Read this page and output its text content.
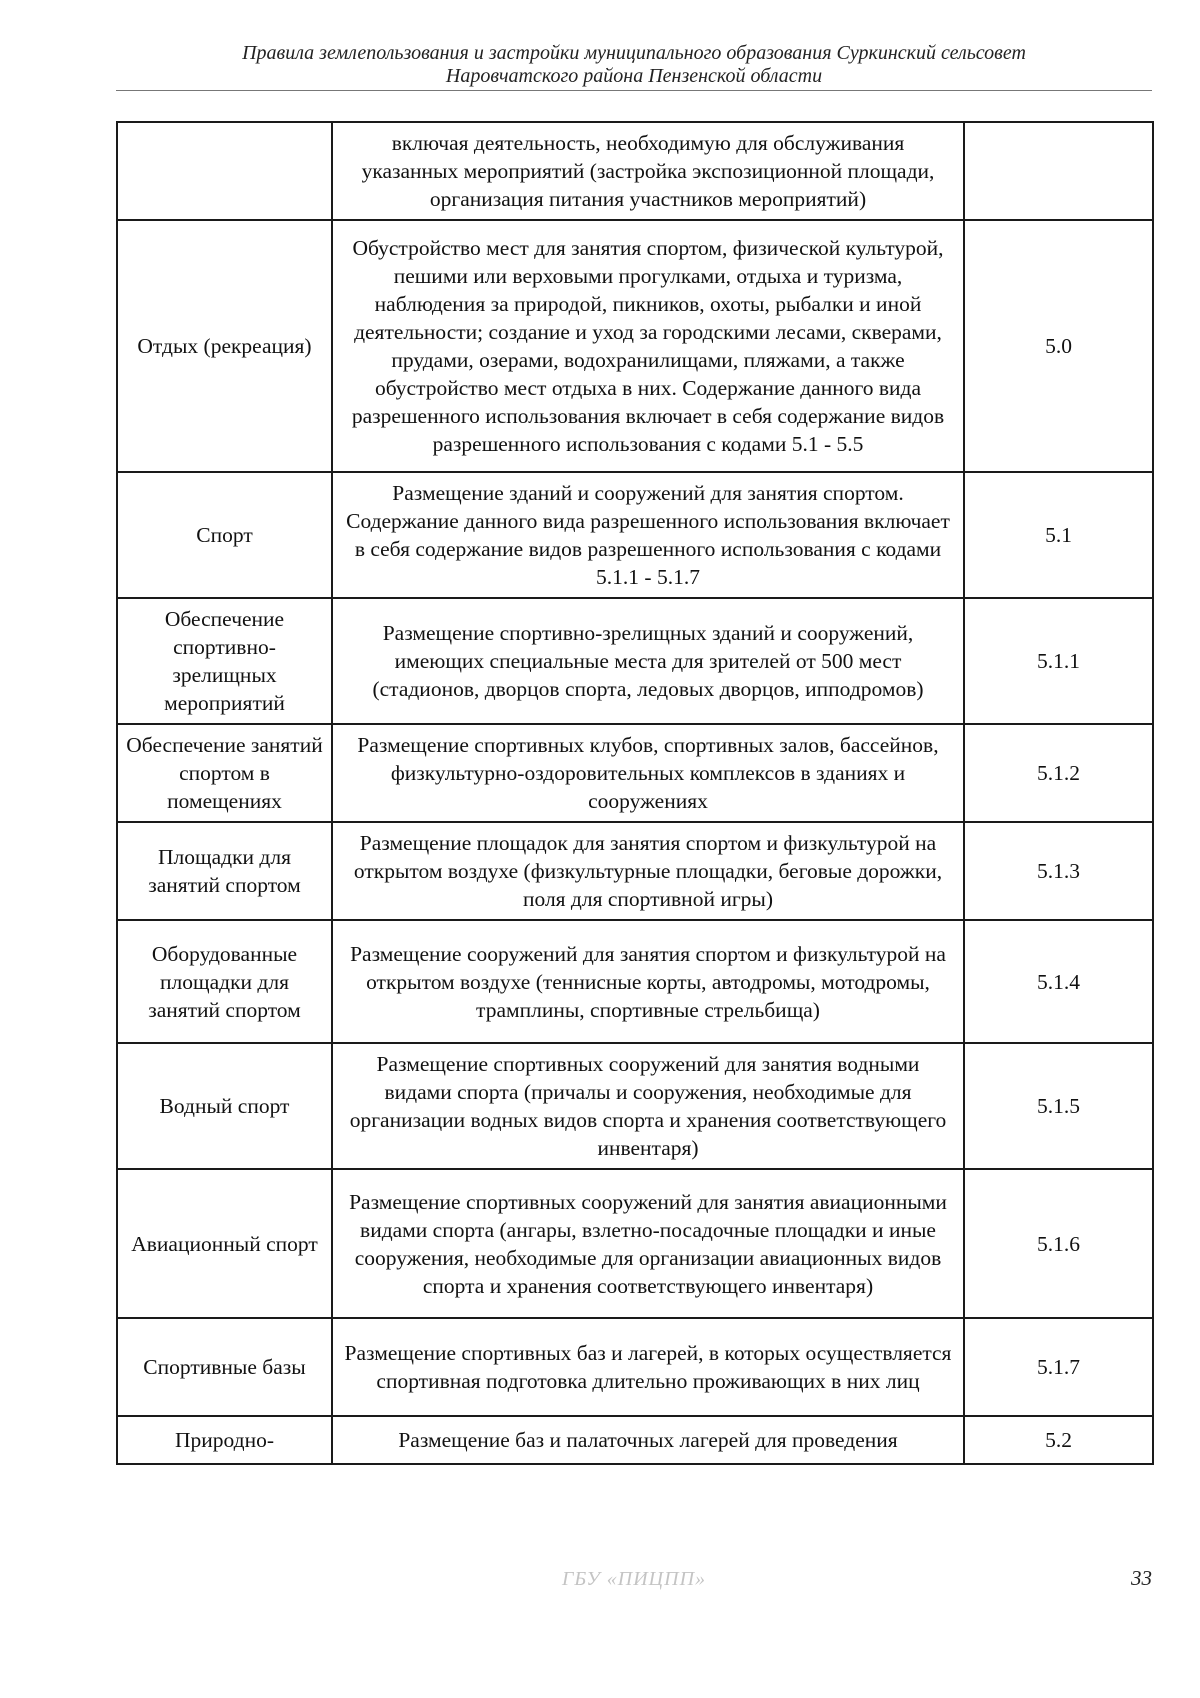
Правила землепользования и застройки муниципального образования Суркинский сельсовет
Наровчатского района Пензенской области
	включая деятельность, необходимую для обслуживания указанных мероприятий (застройка экспозиционной площади, организация питания участников мероприятий)	
Отдых (рекреация)	Обустройство мест для занятия спортом, физической культурой, пешими или верховыми прогулками, отдыха и туризма, наблюдения за природой, пикников, охоты, рыбалки и иной деятельности; создание и уход за городскими лесами, скверами, прудами, озерами, водохранилищами, пляжами, а также обустройство мест отдыха в них. Содержание данного вида разрешенного использования включает в себя содержание видов разрешенного использования с кодами 5.1 - 5.5	5.0
Спорт	Размещение зданий и сооружений для занятия спортом. Содержание данного вида разрешенного использования включает в себя содержание видов разрешенного использования с кодами 5.1.1 - 5.1.7	5.1
Обеспечение спортивно-зрелищных мероприятий	Размещение спортивно-зрелищных зданий и сооружений, имеющих специальные места для зрителей от 500 мест (стадионов, дворцов спорта, ледовых дворцов, ипподромов)	5.1.1
Обеспечение занятий спортом в помещениях	Размещение спортивных клубов, спортивных залов, бассейнов, физкультурно-оздоровительных комплексов в зданиях и сооружениях	5.1.2
Площадки для занятий спортом	Размещение площадок для занятия спортом и физкультурой на открытом воздухе (физкультурные площадки, беговые дорожки, поля для спортивной игры)	5.1.3
Оборудованные площадки для занятий спортом	Размещение сооружений для занятия спортом и физкультурой на открытом воздухе (теннисные корты, автодромы, мотодромы, трамплины, спортивные стрельбища)	5.1.4
Водный спорт	Размещение спортивных сооружений для занятия водными видами спорта (причалы и сооружения, необходимые для организации водных видов спорта и хранения соответствующего инвентаря)	5.1.5
Авиационный спорт	Размещение спортивных сооружений для занятия авиационными видами спорта (ангары, взлетно-посадочные площадки и иные сооружения, необходимые для организации авиационных видов спорта и хранения соответствующего инвентаря)	5.1.6
Спортивные базы	Размещение спортивных баз и лагерей, в которых осуществляется спортивная подготовка длительно проживающих в них лиц	5.1.7
Природно-	Размещение баз и палаточных лагерей для проведения	5.2
ГБУ «ПИЦПП»	33
